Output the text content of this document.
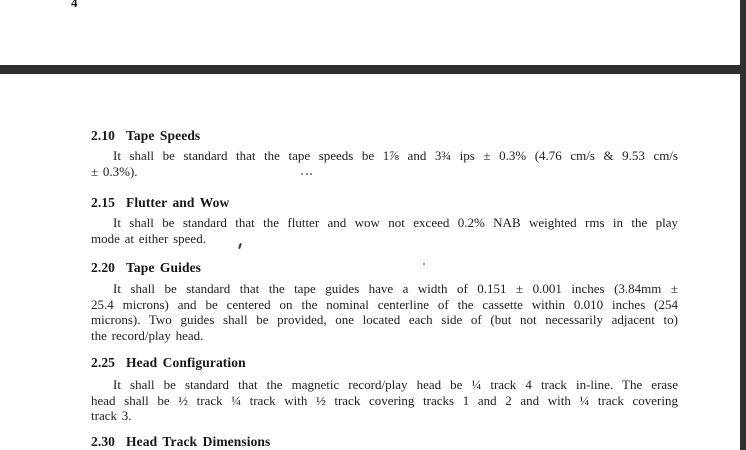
4
2.10 Tape Speeds

It shall be standard that the tape speeds be 1⅞ and 3¾ ips ± 0.3% (4.76 cm/s & 9.53 cm/s
± 0.3%).

2.15 Flutter and Wow

It shall be standard that the flutter and wow not exceed 0.2% NAB weighted rms in the play
mode at either speed.

2.20 Tape Guides

It shall be standard that the tape guides have a width of 0.151 ± 0.001 inches (3.84mm ±
25.4 microns) and be centered on the nominal centerline of the cassette within 0.010 inches (254
microns). Two guides shall be provided, one located each side of (but not necessarily adjacent to)
the record/play head.

2.25 Head Configuration

It shall be standard that the magnetic record/play head be ¼ track 4 track in-line. The erase
head shall be ½ track ¼ track with ½ track covering tracks 1 and 2 and with ¼ track covering
track 3.

2.30 Head Track Dimensions
